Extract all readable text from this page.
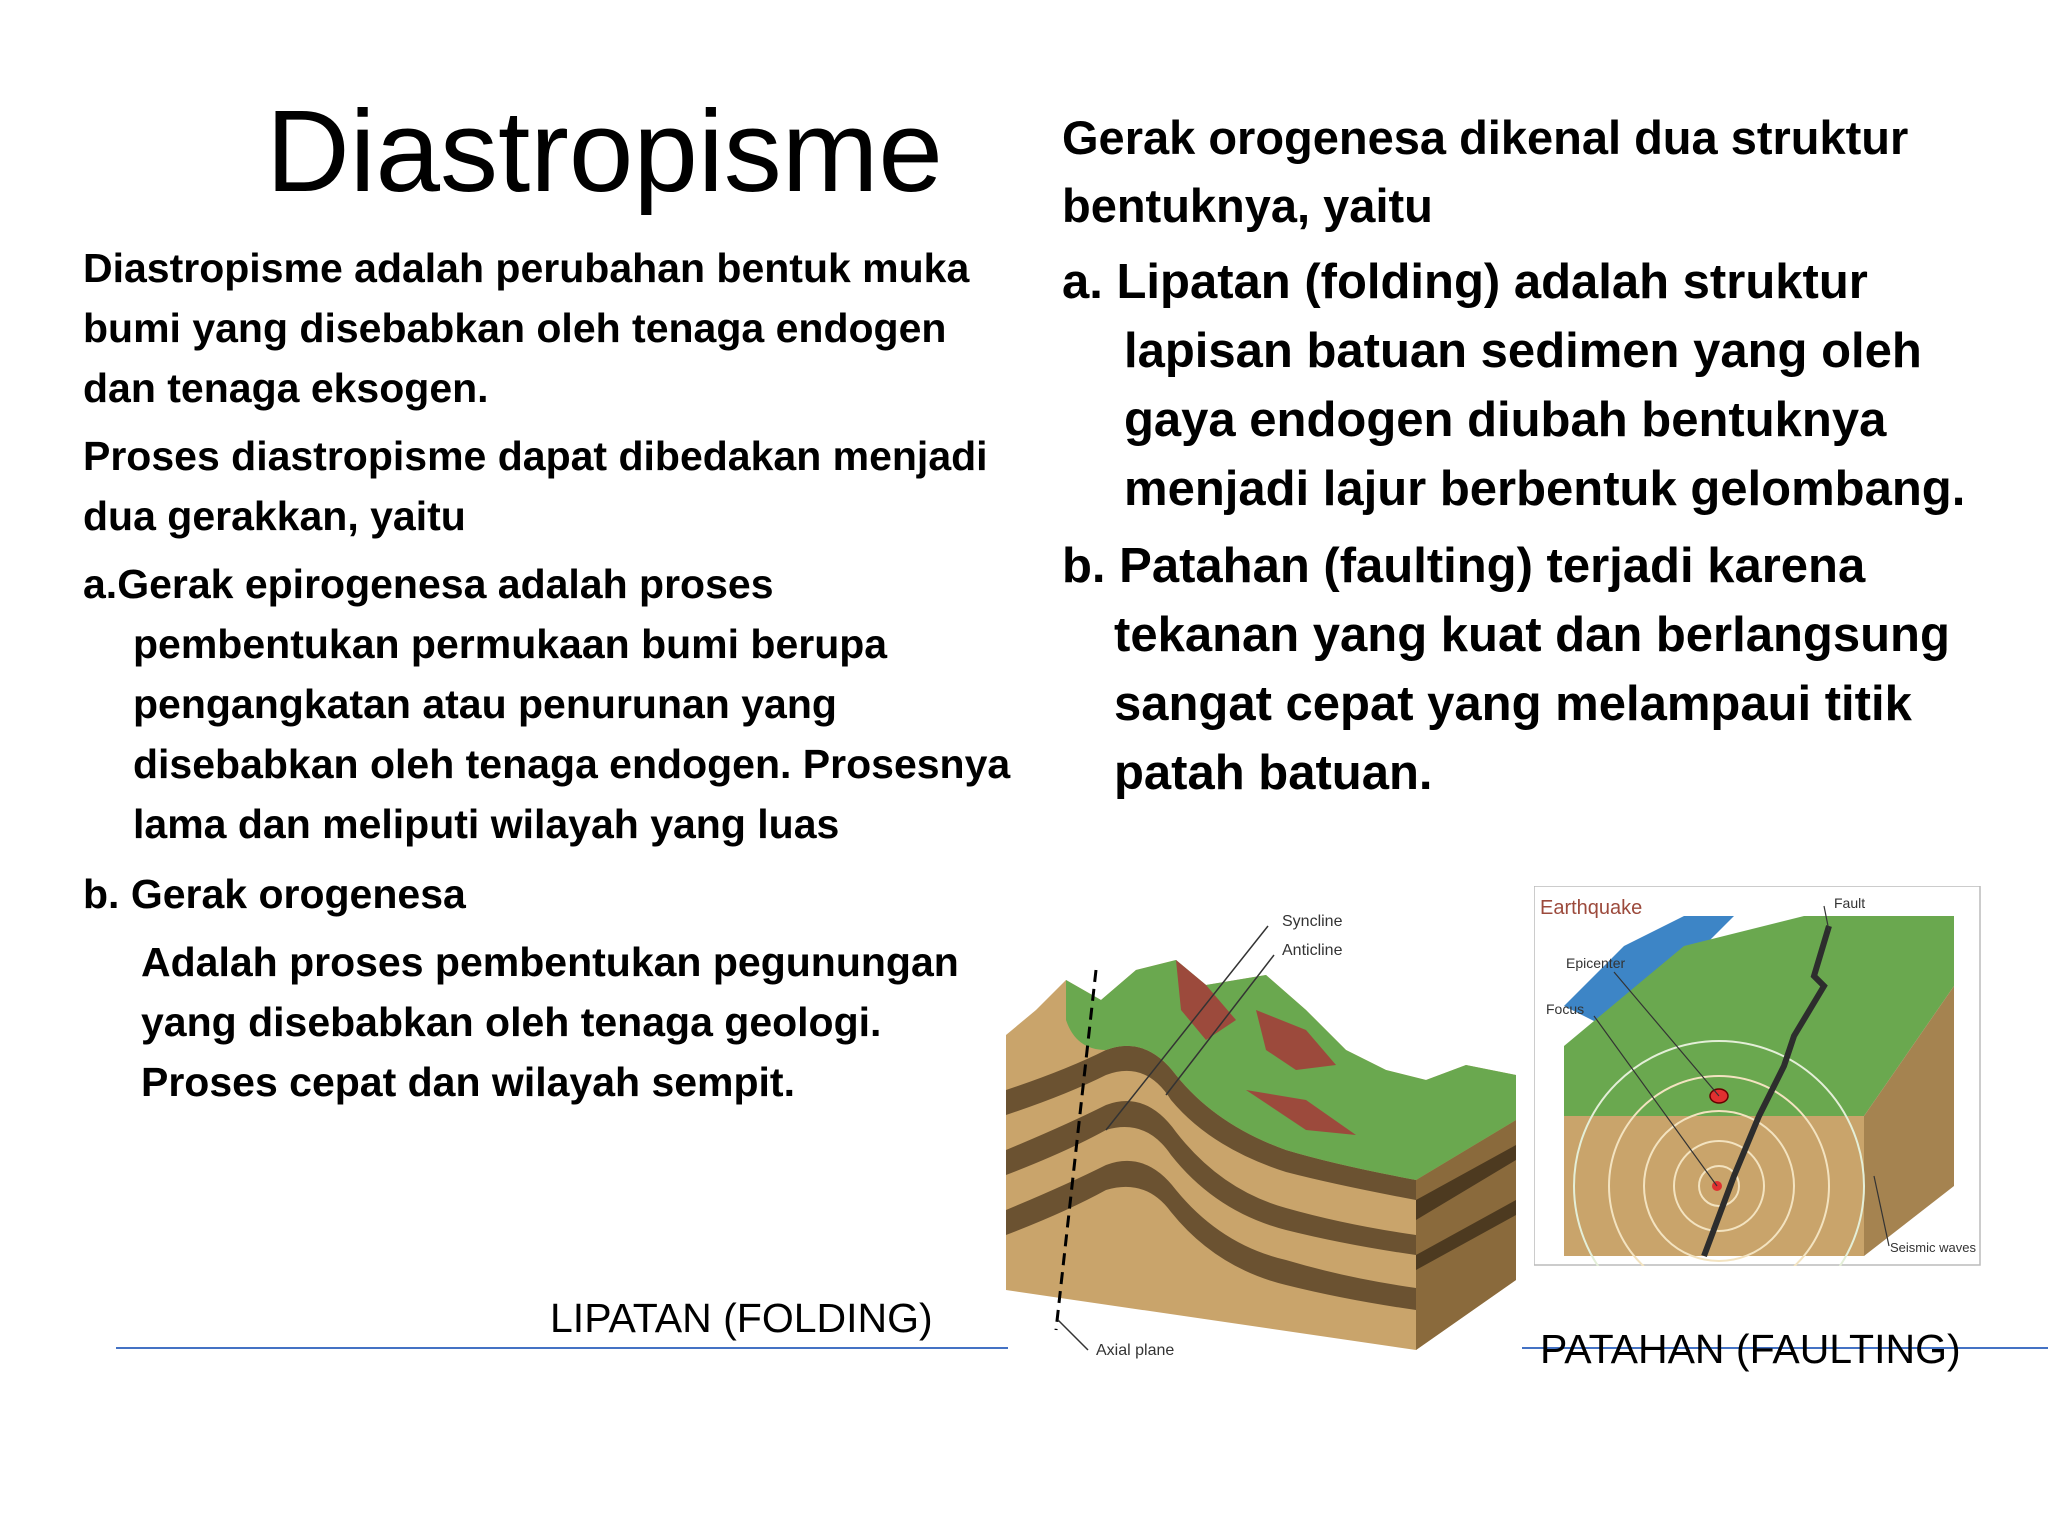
Diastropisme

Diastropisme adalah perubahan bentuk muka bumi yang disebabkan oleh tenaga endogen dan tenaga eksogen.

Proses diastropisme dapat dibedakan menjadi dua gerakkan, yaitu

a.Gerak epirogenesa adalah proses pembentukan permukaan bumi berupa pengangkatan atau penurunan yang disebabkan oleh tenaga endogen. Prosesnya lama dan meliputi wilayah yang luas

b. Gerak orogenesa

Adalah proses pembentukan pegunungan yang disebabkan oleh tenaga geologi. Proses cepat dan wilayah sempit.

Gerak orogenesa dikenal dua struktur bentuknya, yaitu

a. Lipatan (folding) adalah struktur lapisan batuan sedimen yang oleh gaya endogen diubah bentuknya menjadi lajur berbentuk gelombang.

b. Patahan (faulting) terjadi karena tekanan yang kuat dan berlangsung sangat cepat yang melampaui titik patah batuan.

Syncline
Anticline
Axial plane
Earthquake	Fault
Epicenter
Focus
Seismic waves
LIPATAN (FOLDING)
PATAHAN (FAULTING)
